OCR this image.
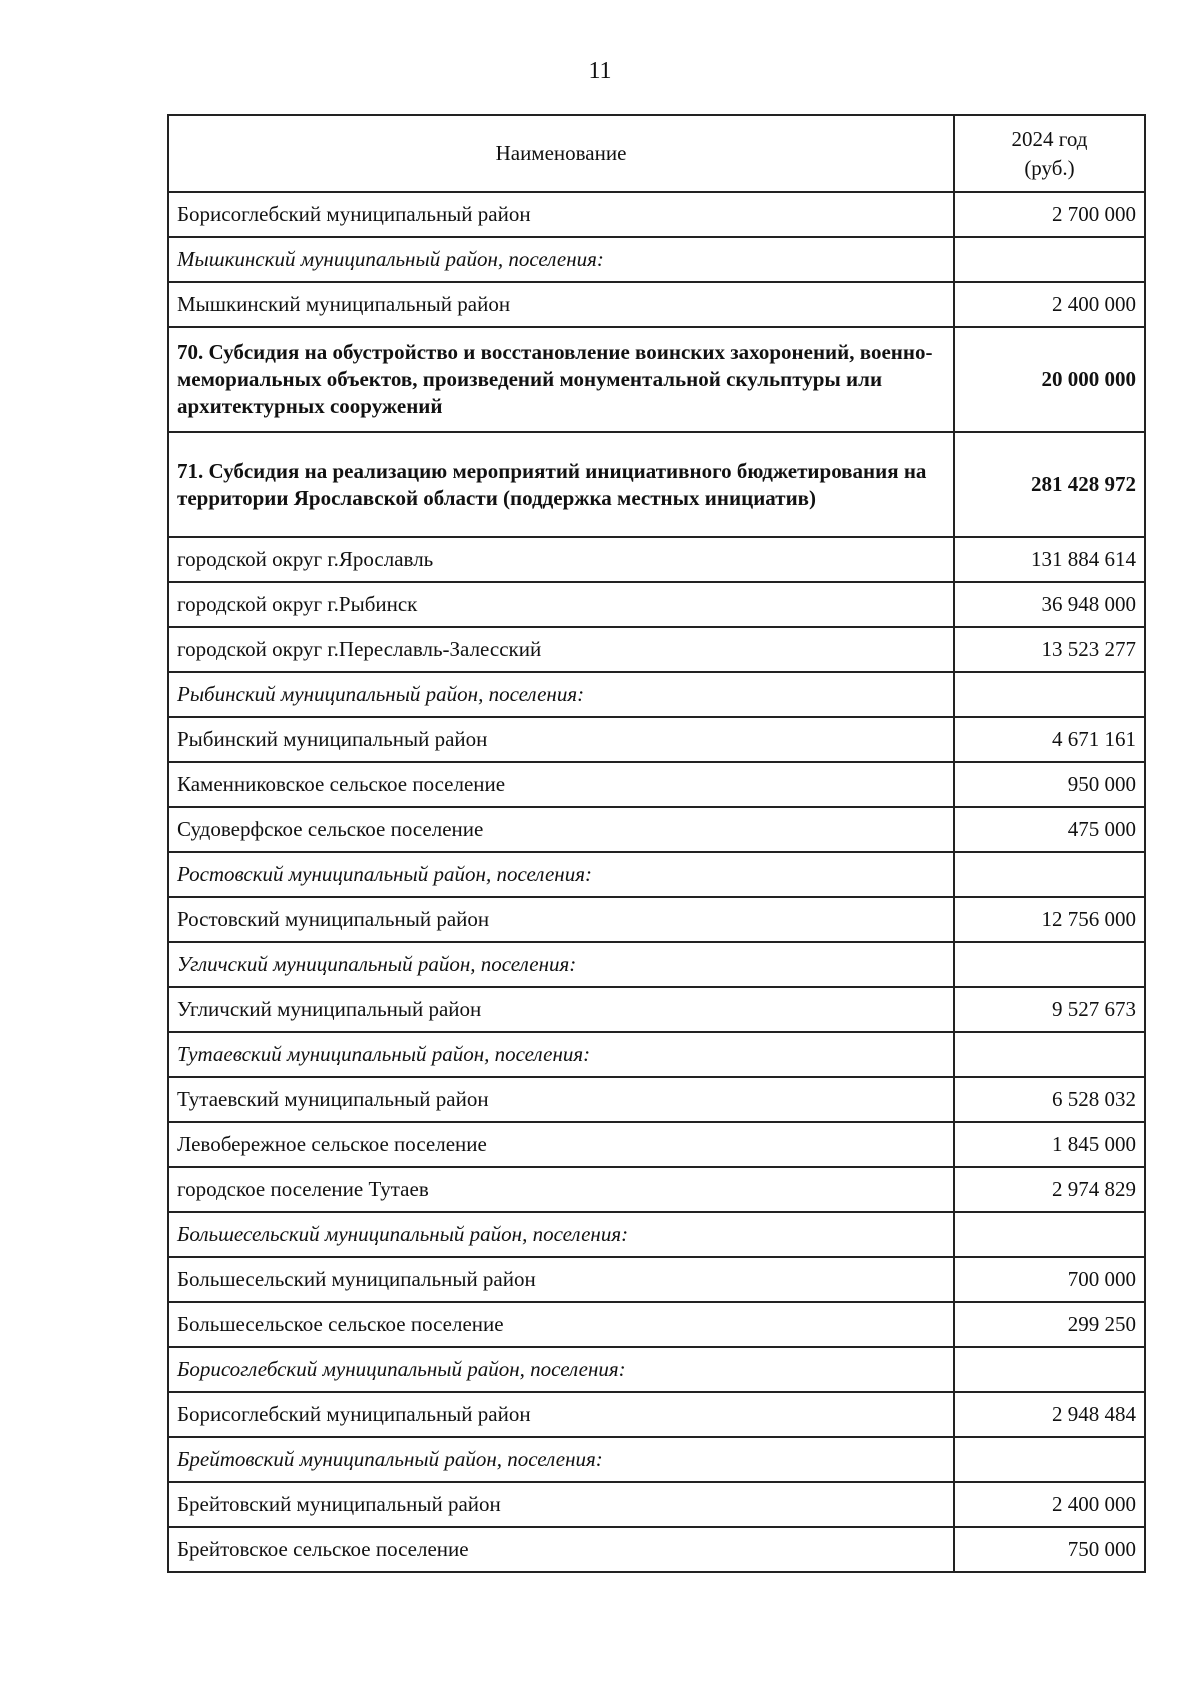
11
Наименование	2024 год
(руб.)

Борисоглебский муниципальный район	2 700 000
Мышкинский муниципальный район, поселения:	
Мышкинский муниципальный район	2 400 000
70. Субсидия на обустройство и восстановление воинских захоронений, военно-мемориальных объектов, произведений монументальной скульптуры или архитектурных сооружений	20 000 000
71. Субсидия на реализацию мероприятий инициативного бюджетирования на территории Ярославской области (поддержка местных инициатив)	281 428 972
городской округ г.Ярославль	131 884 614
городской округ г.Рыбинск	36 948 000
городской округ г.Переславль-Залесский	13 523 277
Рыбинский муниципальный район, поселения:	
Рыбинский муниципальный район	4 671 161
Каменниковское сельское поселение	950 000
Судоверфское сельское поселение	475 000
Ростовский муниципальный район, поселения:	
Ростовский муниципальный район	12 756 000
Угличский муниципальный район, поселения:	
Угличский муниципальный район	9 527 673
Тутаевский муниципальный район, поселения:	
Тутаевский муниципальный район	6 528 032
Левобережное сельское поселение	1 845 000
городское поселение Тутаев	2 974 829
Большесельский муниципальный район, поселения:	
Большесельский муниципальный район	700 000
Большесельское сельское поселение	299 250
Борисоглебский муниципальный район, поселения:	
Борисоглебский муниципальный район	2 948 484
Брейтовский муниципальный район, поселения:	
Брейтовский муниципальный район	2 400 000
Брейтовское сельское поселение	750 000
